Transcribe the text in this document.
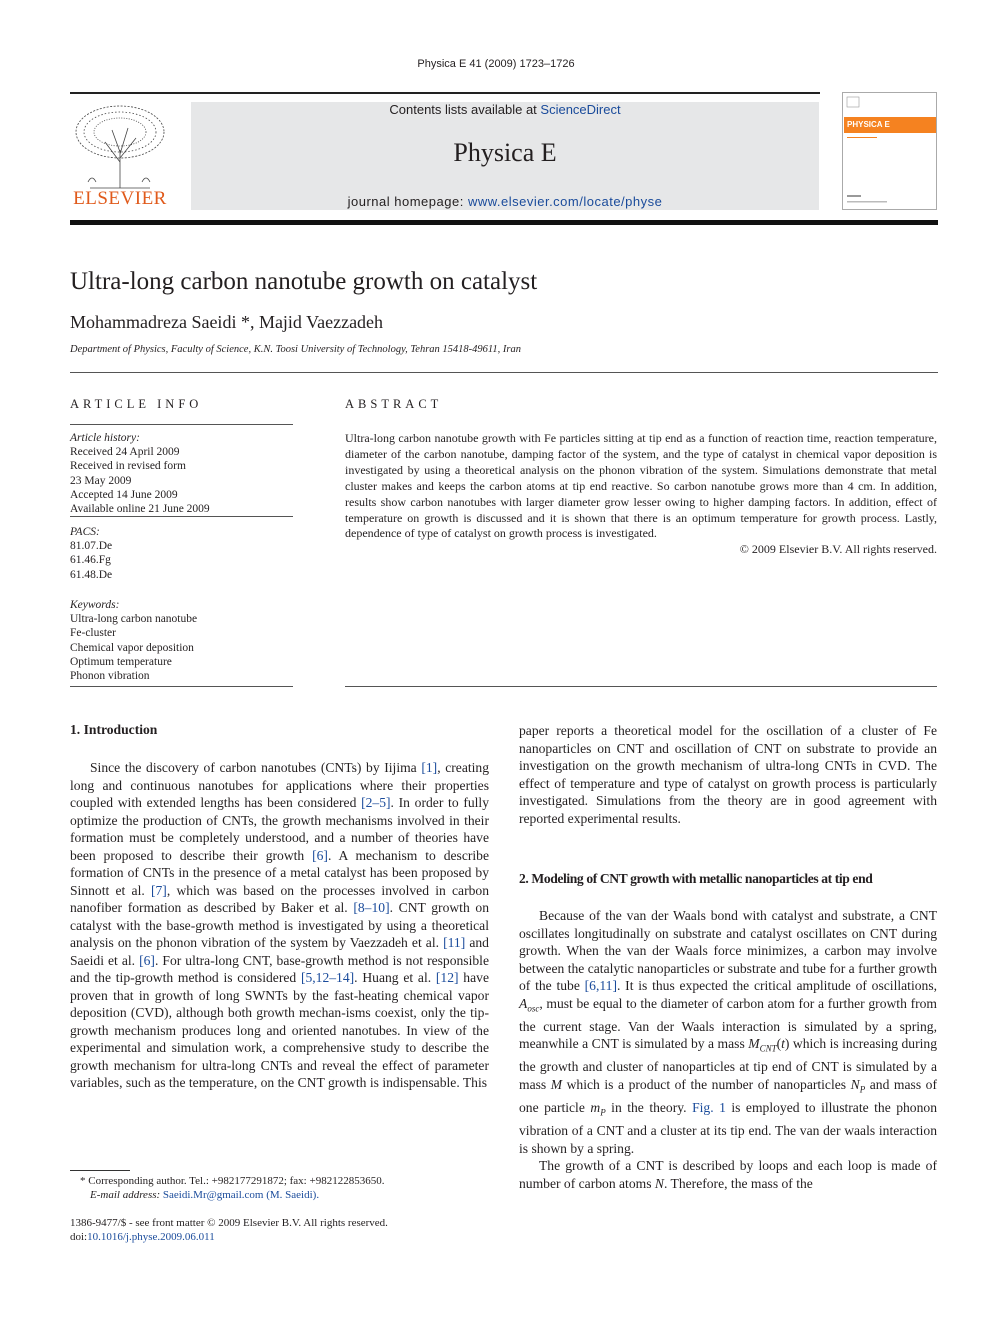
Physica E 41 (2009) 1723–1726
ELSEVIER
Contents lists available at ScienceDirect
Physica E
journal homepage: www.elsevier.com/locate/physe
PHYSICA E
Ultra-long carbon nanotube growth on catalyst
Mohammadreza Saeidi *, Majid Vaezzadeh
Department of Physics, Faculty of Science, K.N. Toosi University of Technology, Tehran 15418-49611, Iran
ARTICLE INFO
Article history:
Received 24 April 2009
Received in revised form
23 May 2009
Accepted 14 June 2009
Available online 21 June 2009
PACS:
81.07.De
61.46.Fg
61.48.De
Keywords:
Ultra-long carbon nanotube
Fe-cluster
Chemical vapor deposition
Optimum temperature
Phonon vibration
ABSTRACT
Ultra-long carbon nanotube growth with Fe particles sitting at tip end as a function of reaction time, reaction temperature, diameter of the carbon nanotube, damping factor of the system, and the type of catalyst in chemical vapor deposition is investigated by using a theoretical analysis on the phonon vibration of the system. Simulations demonstrate that metal cluster makes and keeps the carbon atoms at tip end reactive. So carbon nanotube grows more than 4 cm. In addition, results show carbon nanotubes with larger diameter grow lesser owing to higher damping factors. In addition, effect of temperature on growth is discussed and it is shown that there is an optimum temperature for growth process. Lastly, dependence of type of catalyst on growth process is investigated.
© 2009 Elsevier B.V. All rights reserved.
1. Introduction

Since the discovery of carbon nanotubes (CNTs) by Iijima [1], creating long and continuous nanotubes for applications where their properties coupled with extended lengths has been considered [2–5]. In order to fully optimize the production of CNTs, the growth mechanisms involved in their formation must be completely understood, and a number of theories have been proposed to describe their growth [6]. A mechanism to describe formation of CNTs in the presence of a metal catalyst has been proposed by Sinnott et al. [7], which was based on the processes involved in carbon nanofiber formation as described by Baker et al. [8–10]. CNT growth on catalyst with the base-growth method is investigated by using a theoretical analysis on the phonon vibration of the system by Vaezzadeh et al. [11] and Saeidi et al. [6]. For ultra-long CNT, base-growth method is not responsible and the tip-growth method is considered [5,12–14]. Huang et al. [12] have proven that in growth of long SWNTs by the fast-heating chemical vapor deposition (CVD), although both growth mechan-isms coexist, only the tip-growth mechanism produces long and oriented nanotubes. In view of the experimental and simulation work, a comprehensive study to describe the growth mechanism for ultra-long CNTs and reveal the effect of parameter variables, such as the temperature, on the CNT growth is indispensable. This

paper reports a theoretical model for the oscillation of a cluster of Fe nanoparticles on CNT and oscillation of CNT on substrate to provide an investigation on the growth mechanism of ultra-long CNTs in CVD. The effect of temperature and type of catalyst on growth process is particularly investigated. Simulations from the theory are in good agreement with reported experimental results.

2. Modeling of CNT growth with metallic nanoparticles at tip end

Because of the van der Waals bond with catalyst and substrate, a CNT oscillates longitudinally on substrate and catalyst oscillates on CNT during growth. When the van der Waals force minimizes, a carbon may involve between the catalytic nanoparticles or substrate and tube for a further growth of the tube [6,11]. It is thus expected the critical amplitude of oscillations, $A_{osc}$, must be equal to the diameter of carbon atom for a further growth from the current stage. Van der Waals interaction is simulated by a spring, meanwhile a CNT is simulated by a mass $M_{CNT}(t)$ which is increasing during the growth and cluster of nanoparticles at tip end of CNT is simulated by a mass M which is a product of the number of nanoparticles $N_P$ and mass of one particle $m_P$ in the theory. Fig. 1 is employed to illustrate the phonon vibration of a CNT and a cluster at its tip end. The van der waals interaction is shown by a spring.

The growth of a CNT is described by loops and each loop is made of number of carbon atoms N. Therefore, the mass of the

* Corresponding author. Tel.: +982177291872; fax: +982122853650.
E-mail address: Saeidi.Mr@gmail.com (M. Saeidi).
1386-9477/$ - see front matter © 2009 Elsevier B.V. All rights reserved.
doi:10.1016/j.physe.2009.06.011
